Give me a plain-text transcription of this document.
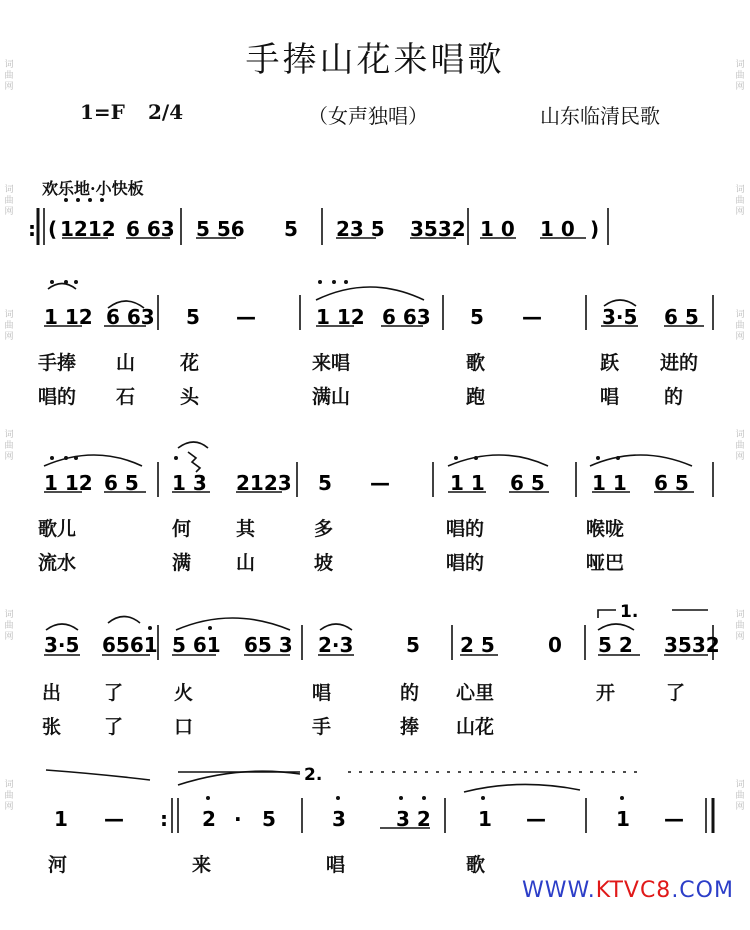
词曲网
词曲网
词曲网
词曲网
词曲网
词曲网
词曲网
词曲网
词曲网
词曲网
词曲网
词曲网
手捧山花来唱歌
1=F 2/4	（女声独唱）	山东临清民歌
欢乐地·小快板
: ( 1212 6 63 5 56 5 23 5 3532 1 0 1 0 )
1 12 6 63 5 —	1 12 6 63 5 —	3·5 6 5
1 12 6 5 1 3 2123 5 —	1 1 6 5 1 1 6 5
3·5 6561 5 61 65 3 2·3	5 2 5	0 5 2 3532
1.
1 — : 2 · 5	3	3 2 1 —	1 —
2.
手捧 山 花	来唱	歌	跃 进的
唱的 石 头	满山	跑	唱 的
歌儿	何 其	多	唱的	喉咙
流水	满 山	坡	唱的	哑巴
出 了	火	唱	的 心里	开	了
张 了	口	手	捧 山花
河	来	唱	歌
WWW.KTVC8.COM
